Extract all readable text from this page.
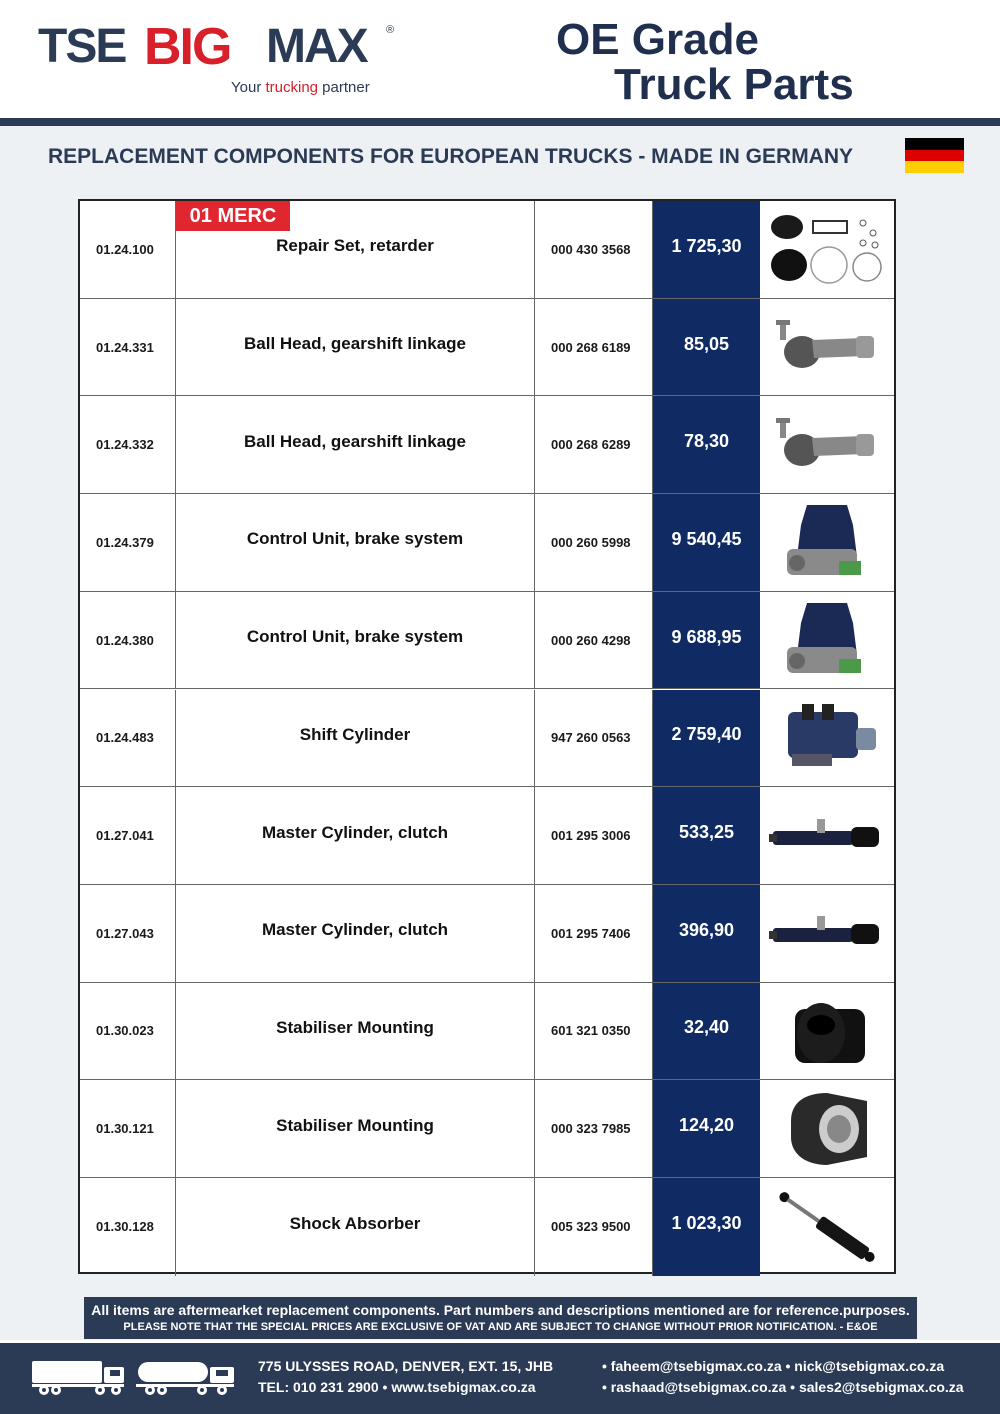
TSE BIG MAX ®
Your trucking partner
OE Grade
Truck Parts
REPLACEMENT COMPONENTS FOR EUROPEAN TRUCKS - MADE IN GERMANY
01.24.100	Repair Set, retarder	000 430 3568	1 725,30
01.24.331	Ball Head, gearshift linkage	000 268 6189	85,05
01.24.332	Ball Head, gearshift linkage	000 268 6289	78,30
01.24.379	Control Unit, brake system	000 260 5998	9 540,45
01.24.380	Control Unit, brake system	000 260 4298	9 688,95
01.24.483	Shift Cylinder	947 260 0563	2 759,40
01.27.041	Master Cylinder, clutch	001 295 3006	533,25
01.27.043	Master Cylinder, clutch	001 295 7406	396,90
01.30.023	Stabiliser Mounting	601 321 0350	32,40
01.30.121	Stabiliser Mounting	000 323 7985	124,20
01.30.128	Shock Absorber	005 323 9500	1 023,30
01 MERC
All items are aftermearket replacement components. Part numbers and descriptions mentioned are for reference.purposes.
PLEASE NOTE THAT THE SPECIAL PRICES ARE EXCLUSIVE OF VAT AND ARE SUBJECT TO CHANGE WITHOUT PRIOR NOTIFICATION. - E&OE
775 ULYSSES ROAD, DENVER, EXT. 15, JHB
TEL: 010 231 2900 • www.tsebigmax.co.za
• faheem@tsebigmax.co.za • nick@tsebigmax.co.za
• rashaad@tsebigmax.co.za • sales2@tsebigmax.co.za
